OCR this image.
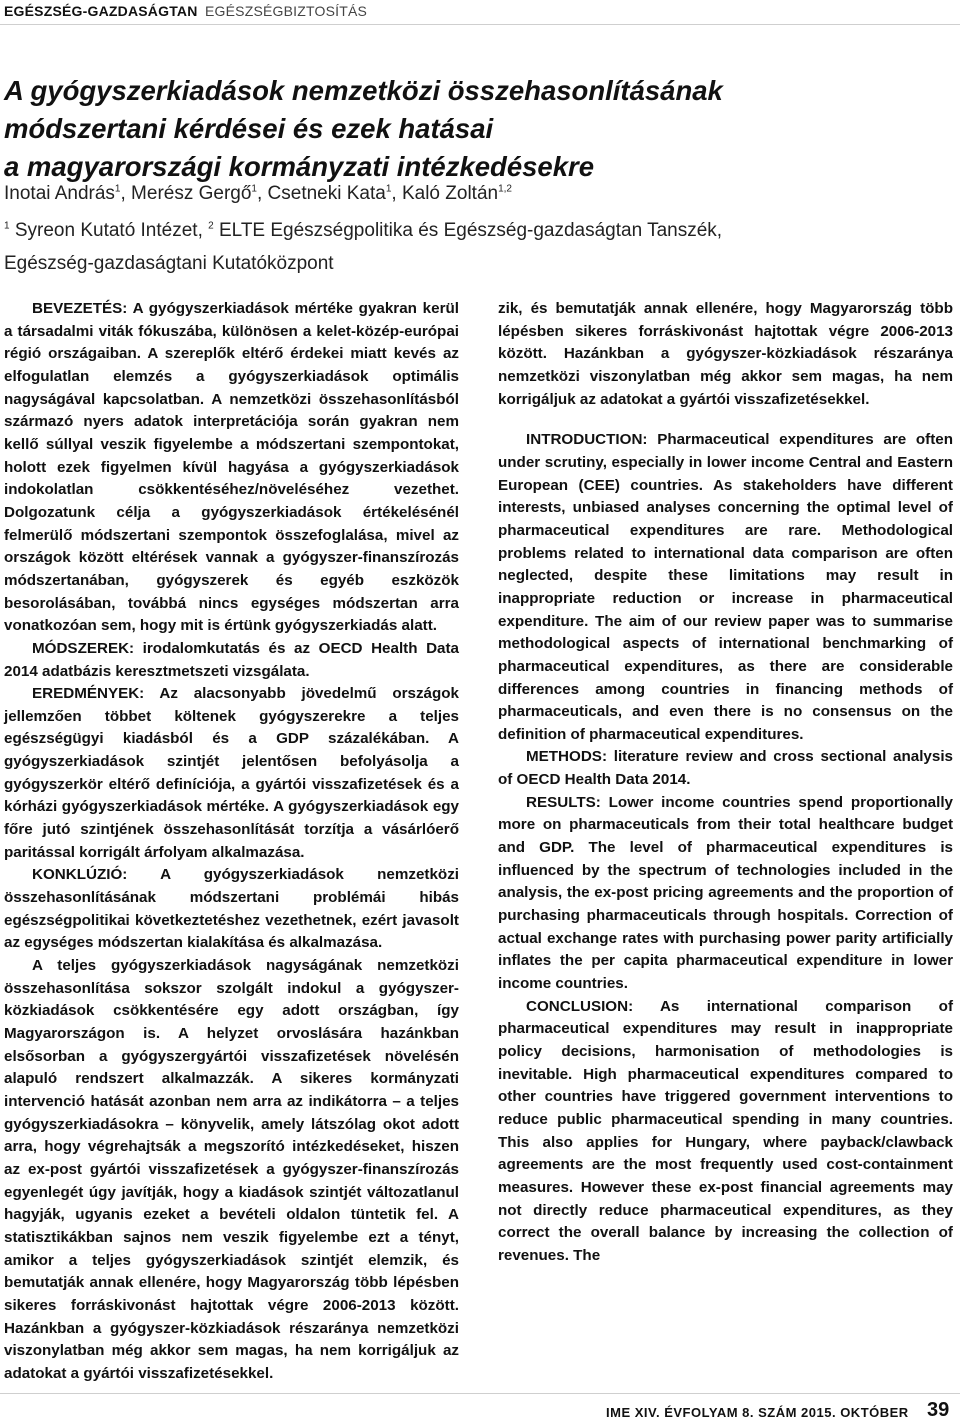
EGÉSZSÉG-GAZDASÁGTAN EGÉSZSÉGBIZTOSÍTÁS
A gyógyszerkiadások nemzetközi összehasonlításának
módszertani kérdései és ezek hatásai
a magyarországi kormányzati intézkedésekre
Inotai András$^1$, Merész Gergő$^1$, Csetneki Kata$^1$, Kaló Zoltán$^{1,2}$
$^1$ Syreon Kutató Intézet, $^2$ ELTE Egészségpolitika és Egészség-gazdaságtan Tanszék,
Egészség-gazdaságtani Kutatóközpont

BEVEZETÉS: A gyógyszerkiadások mértéke gyakran kerül a társadalmi viták fókuszába, különösen a kelet-közép-európai régió országaiban. A szereplők eltérő érdekei miatt kevés az elfogulatlan elemzés a gyógyszerkiadások optimális nagyságával kapcsolatban. A nemzetközi összehasonlításból származó nyers adatok interpretációja során gyakran nem kellő súllyal veszik figyelembe a módszertani szempontokat, holott ezek figyelmen kívül hagyása a gyógyszerkiadások indokolatlan csökkentéséhez/növeléséhez vezethet. Dolgozatunk célja a gyógyszerkiadások értékelésénél felmerülő módszertani szempontok összefoglalása, mivel az országok között eltérések vannak a gyógyszer-finanszírozás módszertanában, gyógyszerek és egyéb eszközök besorolásában, továbbá nincs egységes módszertan arra vonatkozóan sem, hogy mit is értünk gyógyszerkiadás alatt.

MÓDSZEREK: irodalomkutatás és az OECD Health Data 2014 adatbázis keresztmetszeti vizsgálata.

EREDMÉNYEK: Az alacsonyabb jövedelmű országok jellemzően többet költenek gyógyszerekre a teljes egészségügyi kiadásból és a GDP százalékában. A gyógyszerkiadások szintjét jelentősen befolyásolja a gyógyszerkör eltérő definíciója, a gyártói visszafizetések és a kórházi gyógyszerkiadások mértéke. A gyógyszerkiadások egy főre jutó szintjének összehasonlítását torzítja a vásárlóerő paritással korrigált árfolyam alkalmazása.

KONKLÚZIÓ: A gyógyszerkiadások nemzetközi összehasonlításának módszertani problémái hibás egészségpolitikai következtetéshez vezethetnek, ezért javasolt az egységes módszertan kialakítása és alkalmazása.

A teljes gyógyszerkiadások nagyságának nemzetközi összehasonlítása sokszor szolgált indokul a gyógyszer-közkiadások csökkentésére egy adott országban, így Magyarországon is. A helyzet orvoslására hazánkban elsősorban a gyógyszergyártói visszafizetések növelésén alapuló rendszert alkalmazzák. A sikeres kormányzati intervenció hatását azonban nem arra az indikátorra – a teljes gyógyszerkiadásokra – könyvelik, amely látszólag okot adott arra, hogy végrehajtsák a megszorító intézkedéseket, hiszen az ex-post gyártói visszafizetések a gyógyszer-finanszírozás egyenlegét úgy javítják, hogy a kiadások szintjét változatlanul hagyják, ugyanis ezeket a bevételi oldalon tüntetik fel. A statisztikákban sajnos nem veszik figyelembe ezt a tényt, amikor a teljes gyógyszerkiadások szintjét elemzik, és bemutatják annak ellenére, hogy Magyarország több lépésben sikeres forráskivonást hajtottak végre 2006-2013 között. Hazánkban a gyógyszer-közkiadások részaránya nemzetközi viszonylatban még akkor sem magas, ha nem korrigáljuk az adatokat a gyártói visszafizetésekkel.

zik, és bemutatják annak ellenére, hogy Magyarország több lépésben sikeres forráskivonást hajtottak végre 2006-2013 között. Hazánkban a gyógyszer-közkiadások részaránya nemzetközi viszonylatban még akkor sem magas, ha nem korrigáljuk az adatokat a gyártói visszafizetésekkel.

INTRODUCTION: Pharmaceutical expenditures are often under scrutiny, especially in lower income Central and Eastern European (CEE) countries. As stakeholders have different interests, unbiased analyses concerning the optimal level of pharmaceutical expenditures are rare. Methodological problems related to international data comparison are often neglected, despite these limitations may result in inappropriate reduction or increase in pharmaceutical expenditure. The aim of our review paper was to summarise methodological aspects of international benchmarking of pharmaceutical expenditures, as there are considerable differences among countries in financing methods of pharmaceuticals, and even there is no consensus on the definition of pharmaceutical expenditures.

METHODS: literature review and cross sectional analysis of OECD Health Data 2014.

RESULTS: Lower income countries spend proportionally more on pharmaceuticals from their total healthcare budget and GDP. The level of pharmaceutical expenditures is influenced by the spectrum of technologies included in the analysis, the ex-post pricing agreements and the proportion of purchasing pharmaceuticals through hospitals. Correction of actual exchange rates with purchasing power parity artificially inflates the per capita pharmaceutical expenditure in lower income countries.

CONCLUSION: As international comparison of pharmaceutical expenditures may result in inappropriate policy decisions, harmonisation of methodologies is inevitable. High pharmaceutical expenditures compared to other countries have triggered government interventions to reduce public pharmaceutical spending in many countries. This also applies for Hungary, where payback/clawback agreements are the most frequently used cost-containment measures. However these ex-post financial agreements may not directly reduce pharmaceutical expenditures, as they correct the overall balance by increasing the collection of revenues. The

IME XIV. ÉVFOLYAM 8. SZÁM 2015. OKTÓBER 39
